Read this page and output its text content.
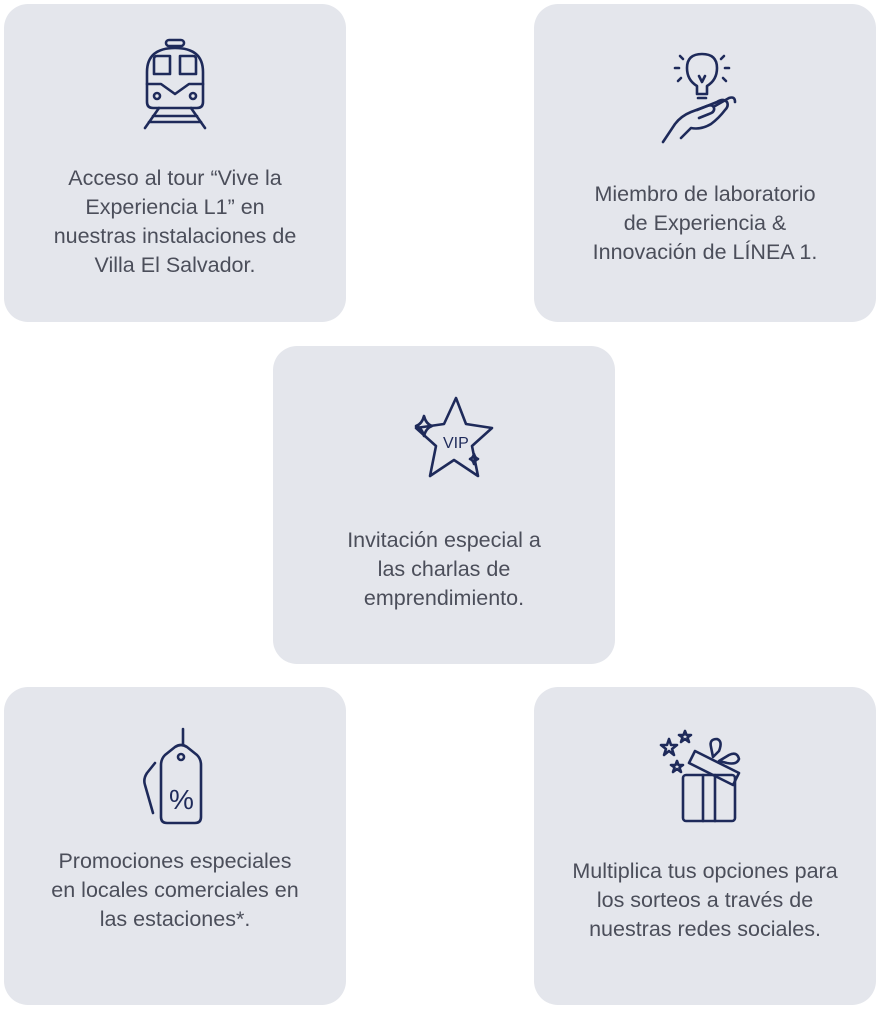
Acceso al tour “Vive la
Experiencia L1” en
nuestras instalaciones de
Villa El Salvador.
Miembro de laboratorio
de Experiencia &
Innovación de LÍNEA 1.
VIP
Invitación especial a
las charlas de
emprendimiento.
%
Promociones especiales
en locales comerciales en
las estaciones*.
Multiplica tus opciones para
los sorteos a través de
nuestras redes sociales.
